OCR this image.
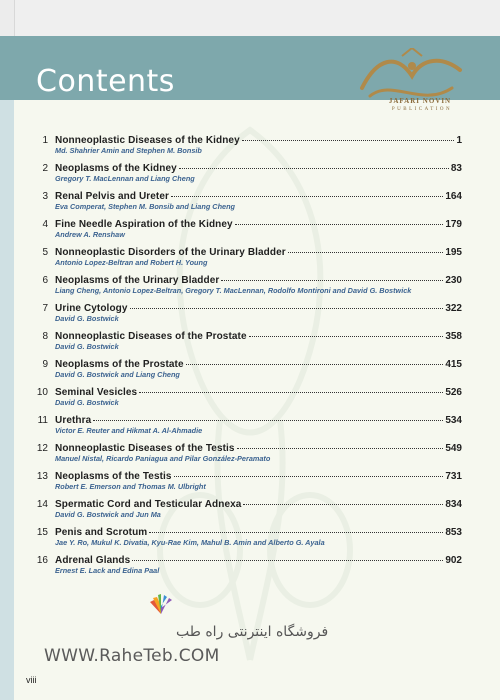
Contents
JAFARI NOVIN
PUBLICATION
1 Nonneoplastic Diseases of the Kidney	1
Md. Shahrier Amin and Stephen M. Bonsib
2 Neoplasms of the Kidney	83
Gregory T. MacLennan and Liang Cheng
3 Renal Pelvis and Ureter	164
Eva Comperat, Stephen M. Bonsib and Liang Cheng
4 Fine Needle Aspiration of the Kidney	179
Andrew A. Renshaw
5 Nonneoplastic Disorders of the Urinary Bladder	195
Antonio Lopez-Beltran and Robert H. Young
6 Neoplasms of the Urinary Bladder	230
Liang Cheng, Antonio Lopez-Beltran, Gregory T. MacLennan, Rodolfo Montironi and David G. Bostwick
7 Urine Cytology	322
David G. Bostwick
8 Nonneoplastic Diseases of the Prostate	358
David G. Bostwick
9 Neoplasms of the Prostate	415
David G. Bostwick and Liang Cheng
10 Seminal Vesicles	526
David G. Bostwick
11 Urethra	534
Victor E. Reuter and Hikmat A. Al-Ahmadie
12 Nonneoplastic Diseases of the Testis	549
Manuel Nistal, Ricardo Paniagua and Pilar González-Peramato
13 Neoplasms of the Testis	731
Robert E. Emerson and Thomas M. Ulbright
14 Spermatic Cord and Testicular Adnexa	834
David G. Bostwick and Jun Ma
15 Penis and Scrotum	853
Jae Y. Ro, Mukul K. Divatia, Kyu-Rae Kim, Mahul B. Amin and Alberto G. Ayala
16 Adrenal Glands	902
Ernest E. Lack and Edina Paal
فروشگاه اینترنتی راه طب
WWW.RaheTeb.COM
viii
